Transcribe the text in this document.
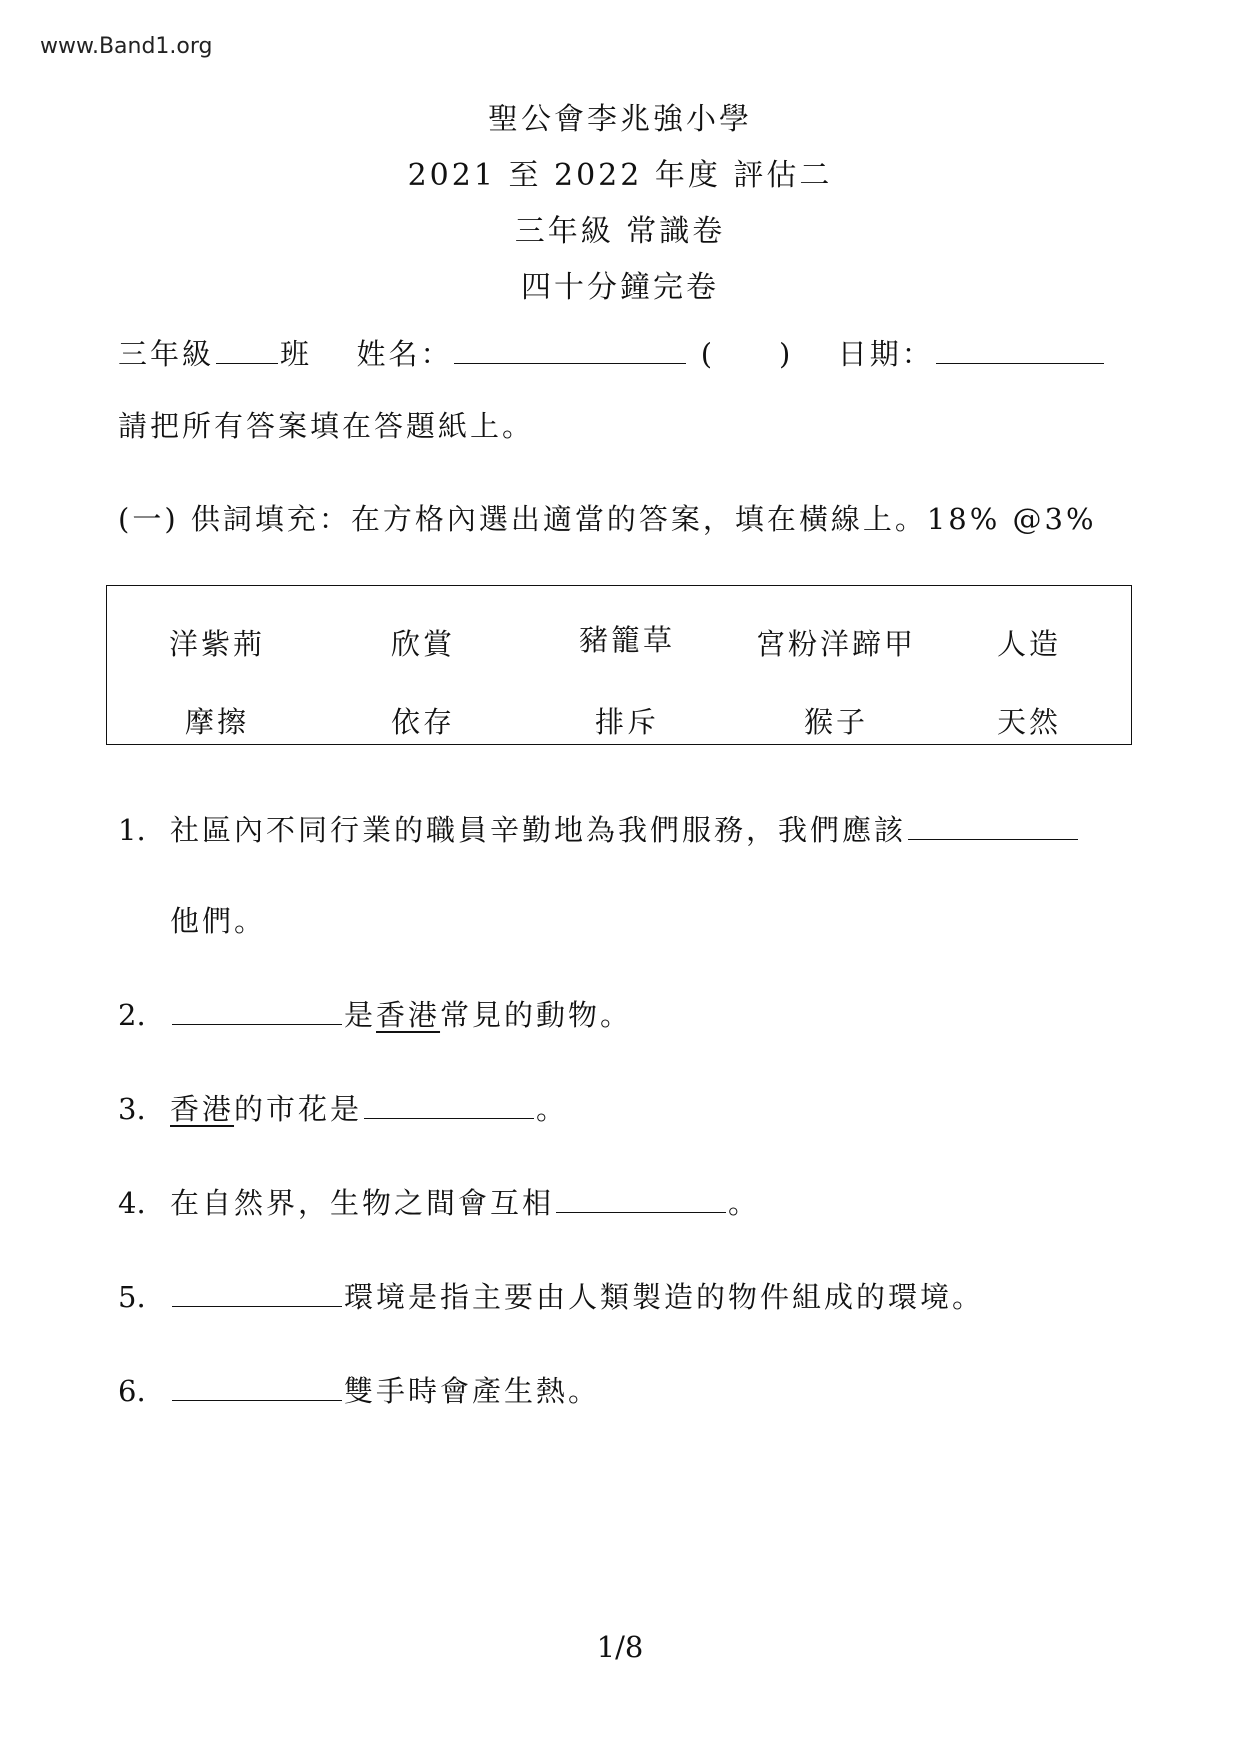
www.Band1.org
聖公會李兆強小學
2021 至 2022 年度 評估二
三年級 常識卷
四十分鐘完卷
三年級 班 姓名：	( ) 日期：
請把所有答案填在答題紙上。
(一) 供詞填充：在方格內選出適當的答案，填在橫線上。18% @3%
洋紫荊	欣賞	豬籠草	宮粉洋蹄甲	人造
摩擦	依存	排斥	猴子	天然
1. 社區內不同行業的職員辛勤地為我們服務，我們應該
他們。
2.	是香港常見的動物。
3. 香港的市花是	。
4. 在自然界，生物之間會互相	。
5.	環境是指主要由人類製造的物件組成的環境。
6.	雙手時會產生熱。
1/8
